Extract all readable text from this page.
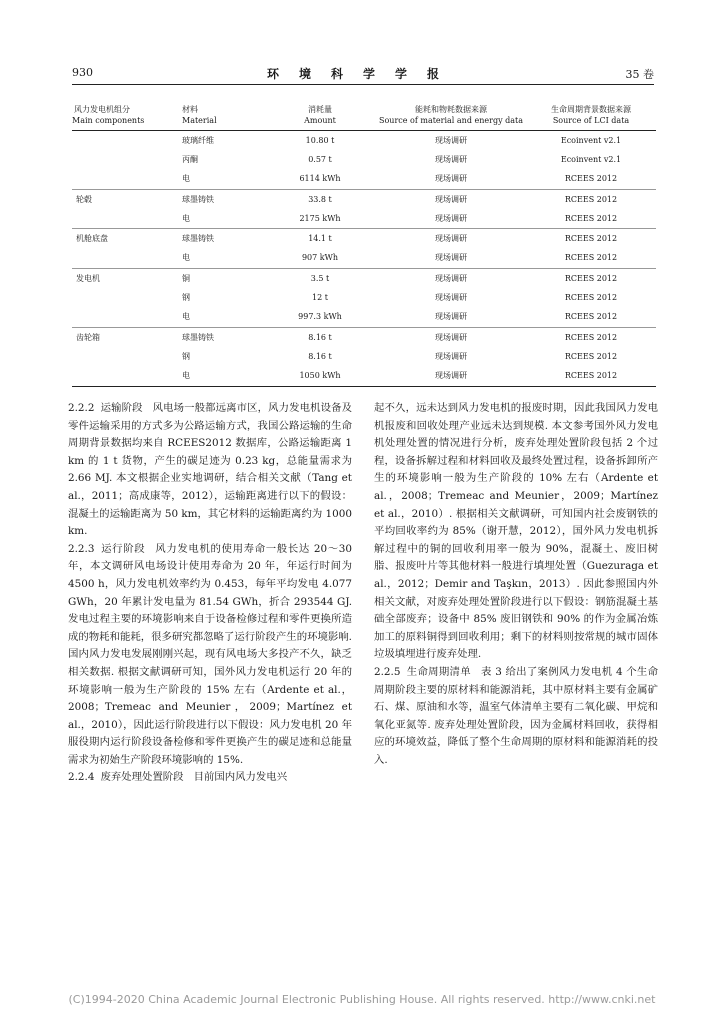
930	环境科学学报	35 卷
风力发电机组分	材料	消耗量	能耗和物耗数据来源	生命周期背景数据来源
Main components	Material	Amount	Source of material and energy data	Source of LCI data
	玻璃纤维	10.80 t	现场调研	Ecoinvent v2.1
	丙酮	0.57 t	现场调研	Ecoinvent v2.1
	电	6114 kWh	现场调研	RCEES 2012
轮毂	球墨铸铁	33.8 t	现场调研	RCEES 2012
	电	2175 kWh	现场调研	RCEES 2012
机舱底盘	球墨铸铁	14.1 t	现场调研	RCEES 2012
	电	907 kWh	现场调研	RCEES 2012
发电机	铜	3.5 t	现场调研	RCEES 2012
	钢	12 t	现场调研	RCEES 2012
	电	997.3 kWh	现场调研	RCEES 2012
齿轮箱	球墨铸铁	8.16 t	现场调研	RCEES 2012
	钢	8.16 t	现场调研	RCEES 2012
	电	1050 kWh	现场调研	RCEES 2012

2.2.2 运输阶段 风电场一般都远离市区，风力发电机设备及零件运输采用的方式多为公路运输方式，我国公路运输的生命周期背景数据均来自 RCEES2012 数据库，公路运输距离 1 km 的 1 t 货物，产生的碳足迹为 0.23 kg，总能量需求为 2.66 MJ. 本文根据企业实地调研，结合相关文献（Tang et al.，2011；高成康等，2012），运输距离进行以下的假设：混凝土的运输距离为 50 km，其它材料的运输距离约为 1000 km.

2.2.3 运行阶段 风力发电机的使用寿命一般长达 20～30 年，本文调研风电场设计使用寿命为 20 年，年运行时间为 4500 h，风力发电机效率约为 0.453，每年平均发电 4.077 GWh，20 年累计发电量为 81.54 GWh，折合 293544 GJ. 发电过程主要的环境影响来自于设备检修过程和零件更换所造成的物耗和能耗，很多研究都忽略了运行阶段产生的环境影响. 国内风力发电发展刚刚兴起，现有风电场大多投产不久，缺乏相关数据. 根据文献调研可知，国外风力发电机运行 20 年的环境影响一般为生产阶段的 15% 左右（Ardente et al.，2008；Tremeac and Meunier，2009；Martínez et al.，2010），因此运行阶段进行以下假设：风力发电机 20 年服役期内运行阶段设备检修和零件更换产生的碳足迹和总能量需求为初始生产阶段环境影响的 15%.

2.2.4 废弃处理处置阶段 目前国内风力发电兴

起不久，远未达到风力发电机的报废时期，因此我国风力发电机报废和回收处理产业远未达到规模. 本文参考国外风力发电机处理处置的情况进行分析，废弃处理处置阶段包括 2 个过程，设备拆解过程和材料回收及最终处置过程，设备拆卸所产生的环境影响一般为生产阶段的 10% 左右（Ardente et al.，2008；Tremeac and Meunier，2009；Martínez et al.，2010）. 根据相关文献调研，可知国内社会废钢铁的平均回收率约为 85%（谢开慧，2012），国外风力发电机拆解过程中的铜的回收利用率一般为 90%，混凝土、废旧树脂、报废叶片等其他材料一般进行填埋处置（Guezuraga et al.，2012；Demir and Taşkın，2013）. 因此参照国内外相关文献，对废弃处理处置阶段进行以下假设：钢筋混凝土基础全部废弃；设备中 85% 废旧钢铁和 90% 的作为金属冶炼加工的原料铜得到回收利用；剩下的材料则按常规的城市固体垃圾填埋进行废弃处理.

2.2.5 生命周期清单 表 3 给出了案例风力发电机 4 个生命周期阶段主要的原材料和能源消耗，其中原材料主要有金属矿石、煤、原油和水等，温室气体清单主要有二氧化碳、甲烷和氧化亚氮等. 废弃处理处置阶段，因为金属材料回收，获得相应的环境效益，降低了整个生命周期的原材料和能源消耗的投入.

(C)1994-2020 China Academic Journal Electronic Publishing House. All rights reserved. http://www.cnki.net
